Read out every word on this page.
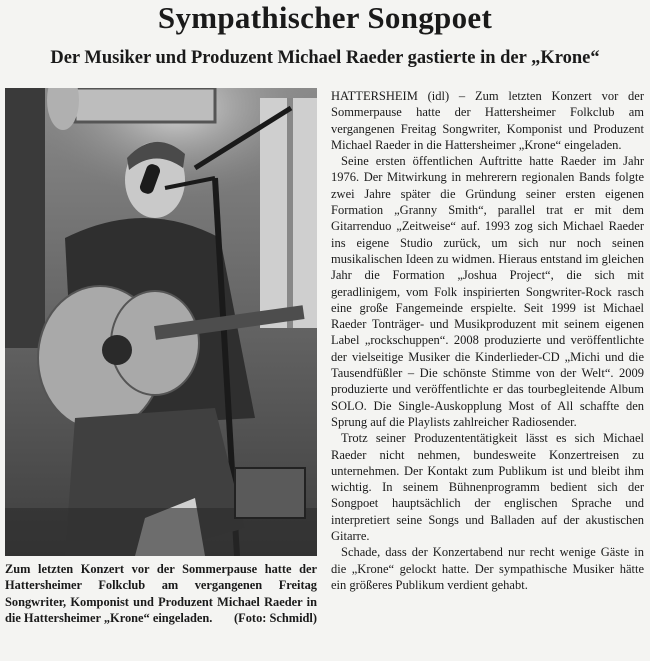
Sympathischer Songpoet
Der Musiker und Produzent Michael Raeder gastierte in der „Krone“
Zum letzten Konzert vor der Sommerpause hatte der Hattersheimer Folkclub am vergangenen Freitag Songwriter, Komponist und Produzent Michael Raeder in die Hattersheimer „Krone“ eingeladen. (Foto: Schmidl)

HATTERSHEIM (idl) – Zum letzten Konzert vor der Sommerpause hatte der Hattersheimer Folkclub am vergangenen Freitag Songwriter, Komponist und Produzent Michael Raeder in die Hattersheimer „Krone“ eingeladen.

Seine ersten öffentlichen Auftritte hatte Raeder im Jahr 1976. Der Mitwirkung in mehrerern regionalen Bands folgte zwei Jahre später die Gründung seiner ersten eigenen Formation „Granny Smith“, parallel trat er mit dem Gitarrenduo „Zeitweise“ auf. 1993 zog sich Michael Raeder ins eigene Studio zurück, um sich nur noch seinen musikalischen Ideen zu widmen. Hieraus entstand im gleichen Jahr die Formation „Joshua Project“, die sich mit geradlinigem, vom Folk inspirierten Songwriter-Rock rasch eine große Fangemeinde erspielte. Seit 1999 ist Michael Raeder Tonträger- und Musikproduzent mit seinem eigenen Label „rockschuppen“. 2008 produzierte und veröffentlichte der vielseitige Musiker die Kinderlieder-CD „Michi und die Tausendfüßler – Die schönste Stimme von der Welt“. 2009 produzierte und veröffentlichte er das tourbegleitende Album SOLO. Die Single-Auskopplung Most of All schaffte den Sprung auf die Playlists zahlreicher Radiosender.

Trotz seiner Produzententätigkeit lässt es sich Michael Raeder nicht nehmen, bundesweite Konzertreisen zu unternehmen. Der Kontakt zum Publikum ist und bleibt ihm wichtig. In seinem Bühnenprogramm bedient sich der Songpoet hauptsächlich der englischen Sprache und interpretiert seine Songs und Balladen auf der akustischen Gitarre.

Schade, dass der Konzertabend nur recht wenige Gäste in die „Krone“ gelockt hatte. Der sympathische Musiker hätte ein größeres Publikum verdient gehabt.
